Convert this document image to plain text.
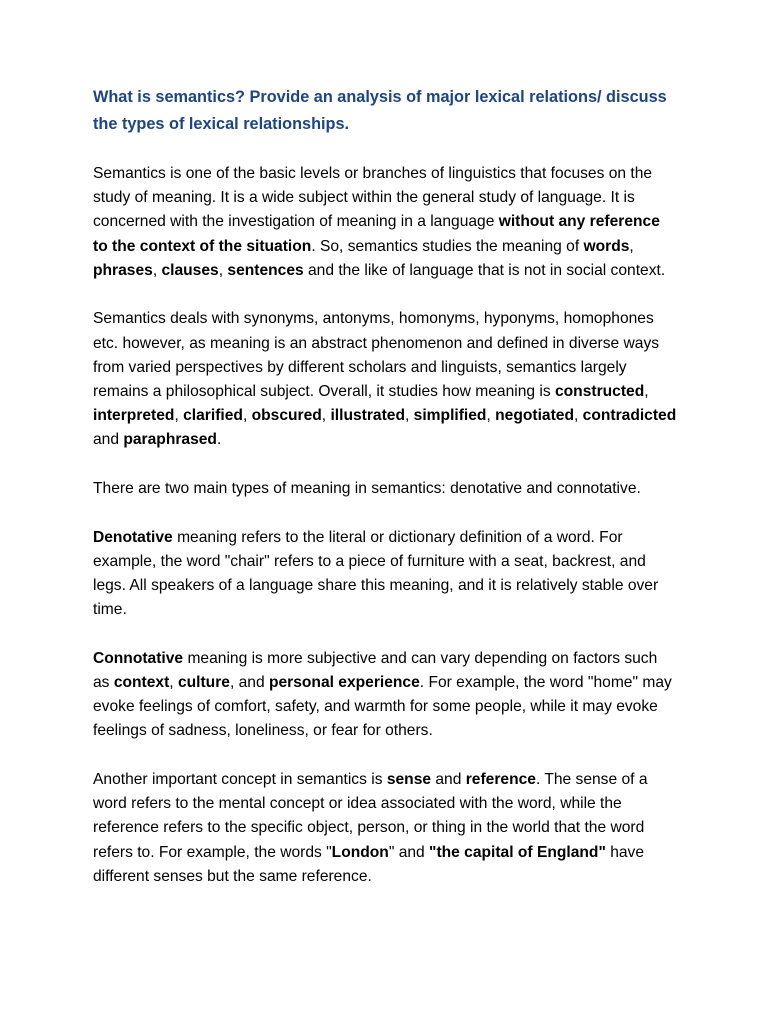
What is semantics? Provide an analysis of major lexical relations/ discuss the types of lexical relationships.

Semantics is one of the basic levels or branches of linguistics that focuses on the study of meaning. It is a wide subject within the general study of language. It is concerned with the investigation of meaning in a language without any reference to the context of the situation. So, semantics studies the meaning of words, phrases, clauses, sentences and the like of language that is not in social context.

Semantics deals with synonyms, antonyms, homonyms, hyponyms, homophones etc. however, as meaning is an abstract phenomenon and defined in diverse ways from varied perspectives by different scholars and linguists, semantics largely remains a philosophical subject. Overall, it studies how meaning is constructed, interpreted, clarified, obscured, illustrated, simplified, negotiated, contradicted and paraphrased.

There are two main types of meaning in semantics: denotative and connotative.

Denotative meaning refers to the literal or dictionary definition of a word. For example, the word "chair" refers to a piece of furniture with a seat, backrest, and legs. All speakers of a language share this meaning, and it is relatively stable over time.

Connotative meaning is more subjective and can vary depending on factors such as context, culture, and personal experience. For example, the word "home" may evoke feelings of comfort, safety, and warmth for some people, while it may evoke feelings of sadness, loneliness, or fear for others.

Another important concept in semantics is sense and reference. The sense of a word refers to the mental concept or idea associated with the word, while the reference refers to the specific object, person, or thing in the world that the word refers to. For example, the words "London" and "the capital of England" have different senses but the same reference.
